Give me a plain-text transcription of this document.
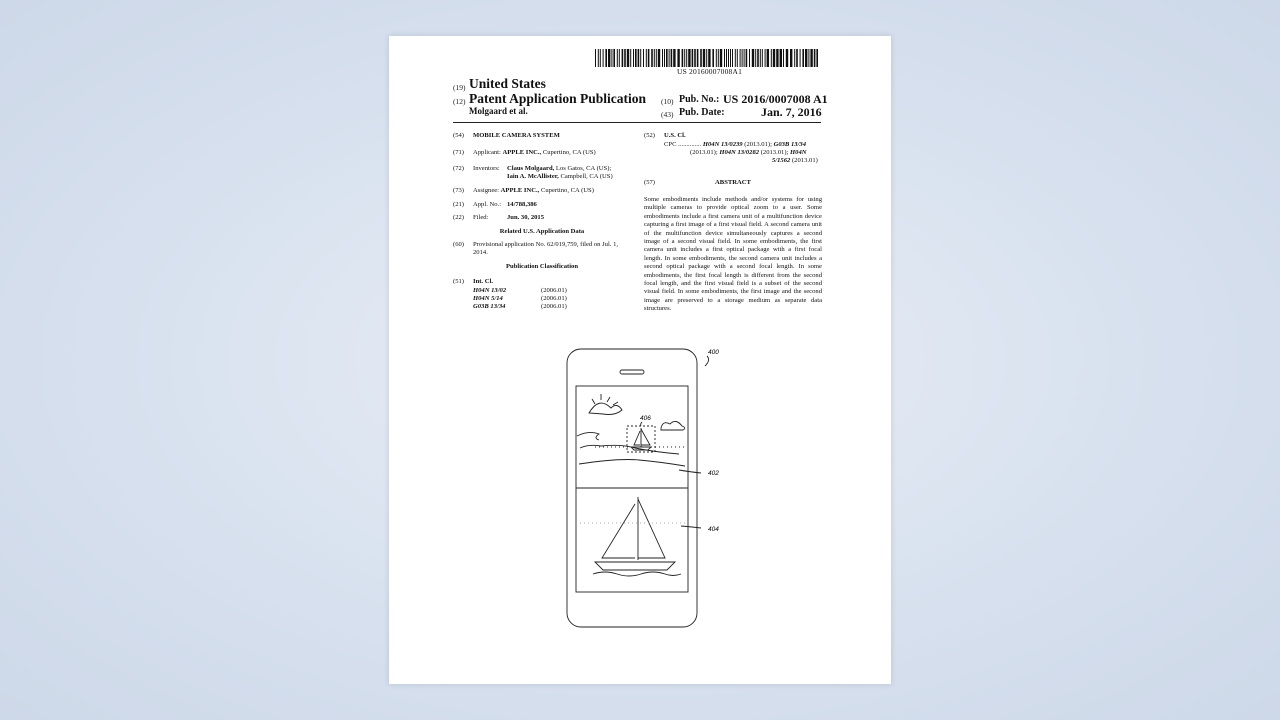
US 20160007008A1
(19) United States
(12) Patent Application Publication
Molgaard et al.
(10) Pub. No.: US 2016/0007008 A1
(43) Pub. Date:	Jan. 7, 2016
(54) MOBILE CAMERA SYSTEM
(71) Applicant: APPLE INC., Cupertino, CA (US)
(72) Inventors: Claus Molgaard, Los Gatos, CA (US);
Iain A. McAllister, Campbell, CA (US)
(73) Assignee: APPLE INC., Cupertino, CA (US)
(21) Appl. No.: 14/788,386
(22) Filed:	Jun. 30, 2015
Related U.S. Application Data
(60) Provisional application No. 62/019,759, filed on Jul. 1,
2014.
Publication Classification
(51) Int. Cl.
H04N 13/02	(2006.01)
H04N 5/14	(2006.01)
G03B 13/34	(2006.01)
(52) U.S. Cl.
CPC .............. H04N 13/0239 (2013.01); G03B 13/34
(2013.01); H04N 13/0282 (2013.01); H04N
5/1562 (2013.01)
(57)	ABSTRACT
Some embodiments include methods and/or systems for using multiple cameras to provide optical zoom to a user. Some embodiments include a first camera unit of a multifunction device capturing a first image of a first visual field. A second camera unit of the multifunction device simultaneously captures a second image of a second visual field. In some embodiments, the first camera unit includes a first optical package with a first focal length. In some embodiments, the second camera unit includes a second optical package with a second focal length. In some embodiments, the first focal length is different from the second focal length, and the first visual field is a subset of the second visual field. In some embodiments, the first image and the second image are preserved to a storage medium as separate data structures.
400
406
402
404
